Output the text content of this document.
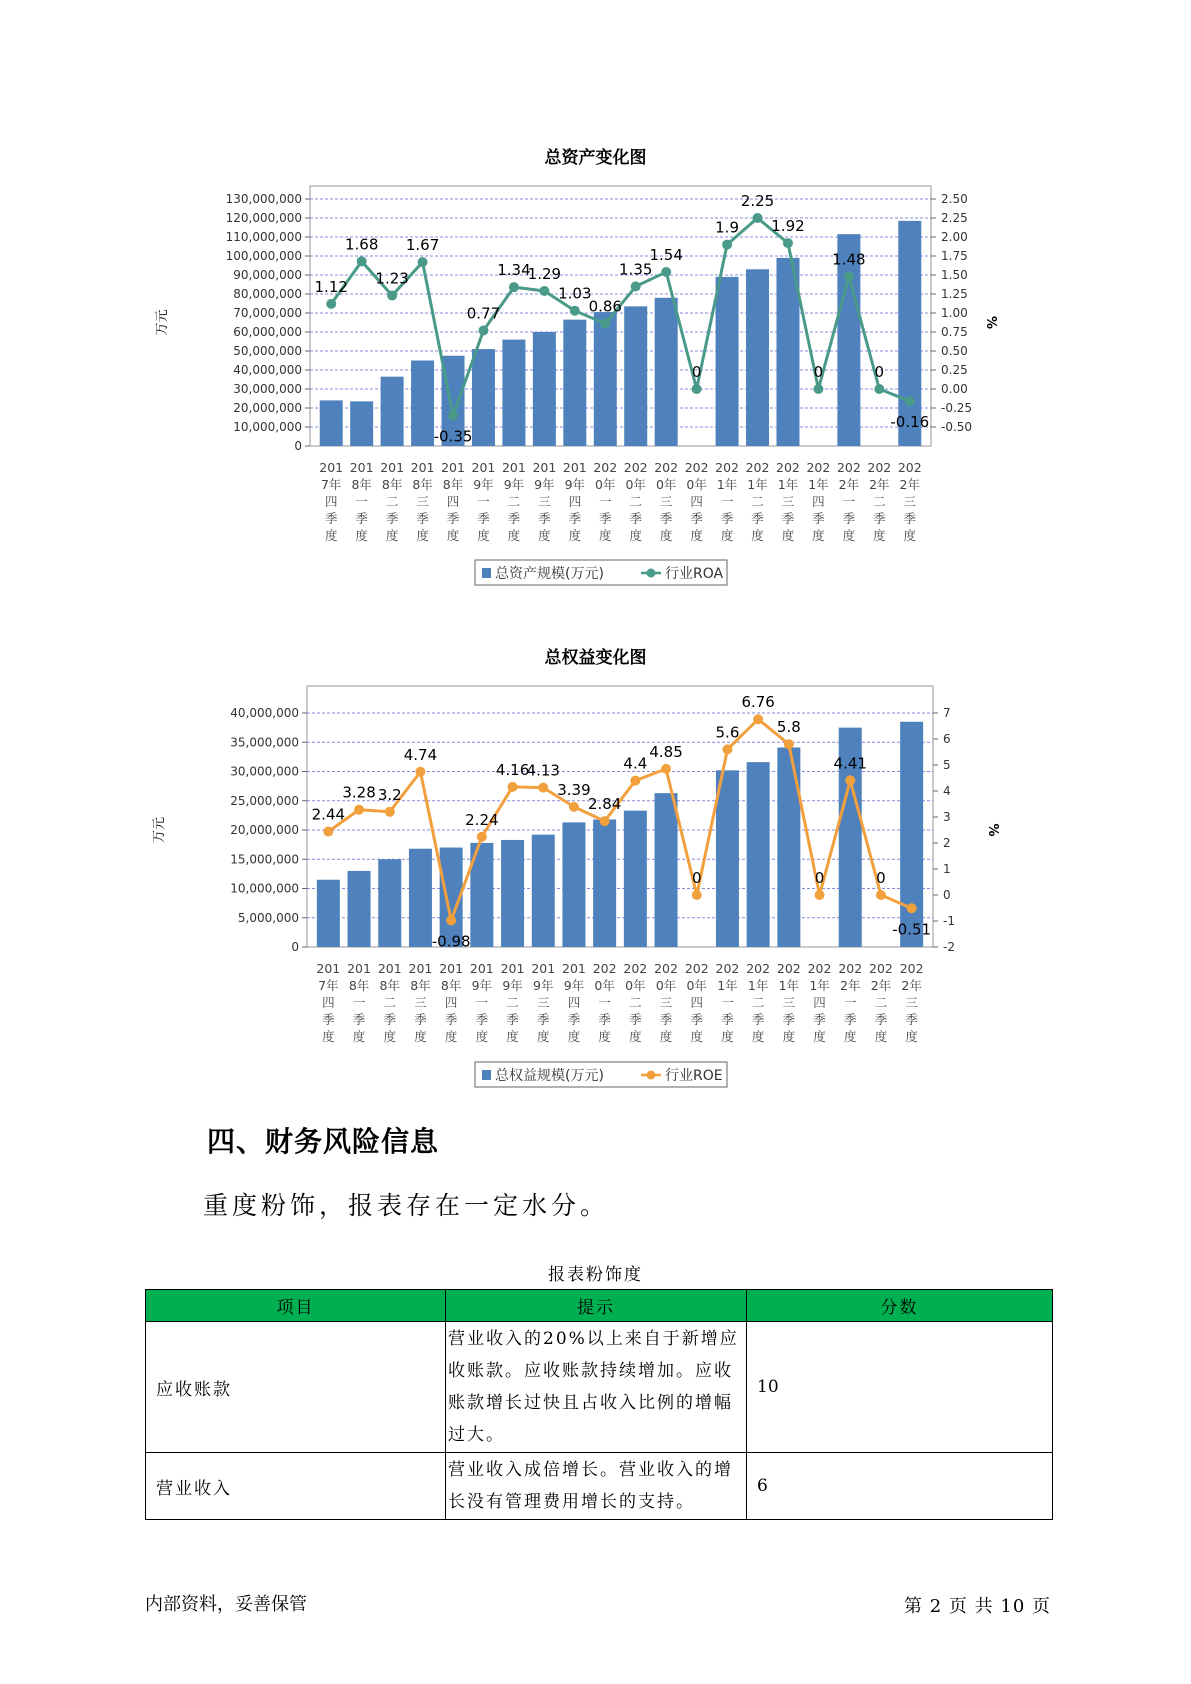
总资产变化图
0
10,000,000
20,000,000
30,000,000
40,000,000
50,000,000
60,000,000
70,000,000
80,000,000
90,000,000
100,000,000
110,000,000
120,000,000
130,000,000
-0.50
-0.25
0.00
0.25
0.50
0.75
1.00
1.25
1.50
1.75
2.00
2.25
2.50
万元	%
201 7年四季度
201 8年一季度
201 8年二季度
201 8年三季度
201 8年四季度
201 9年一季度
201 9年二季度
201 9年三季度
201 9年四季度
202 0年一季度
202 0年二季度
202 0年三季度
202 0年四季度
202 1年一季度
202 1年二季度
202 1年三季度
202 1年四季度
202 2年一季度
202 2年二季度
202 2年三季度
1.12
1.68
1.23
1.67
-0.35
0.77
1.34
1.29
1.03
0.86
1.35
1.54
0
1.9
2.25
1.92
0
1.48
0
-0.16
总资产规模(万元)	行业ROA
总权益变化图
0
5,000,000
10,000,000
15,000,000
20,000,000
25,000,000
30,000,000
35,000,000
40,000,000
-2
-1
0
1
2
3
4
5
6
7
万元	%
201 7年四季度
201 8年一季度
201 8年二季度
201 8年三季度
201 8年四季度
201 9年一季度
201 9年二季度
201 9年三季度
201 9年四季度
202 0年一季度
202 0年二季度
202 0年三季度
202 0年四季度
202 1年一季度
202 1年二季度
202 1年三季度
202 1年四季度
202 2年一季度
202 2年二季度
202 2年三季度
2.44
3.28 3.2
4.74
-0.98
2.24
4.16
4.13
3.39
2.84
4.4
4.85
0
5.6
6.76
5.8
0
4.41
0
-0.51
总权益规模(万元)	行业ROE
四、财务风险信息
重度粉饰，报表存在一定水分。
报表粉饰度
项目	提示	分数
应收账款	营业收入的20%以上来自于新增应收账款。应收账款持续增加。应收账款增长过快且占收入比例的增幅过大。	10
营业收入	营业收入成倍增长。营业收入的增长没有管理费用增长的支持。	6
内部资料，妥善保管	第 2 页 共 10 页
